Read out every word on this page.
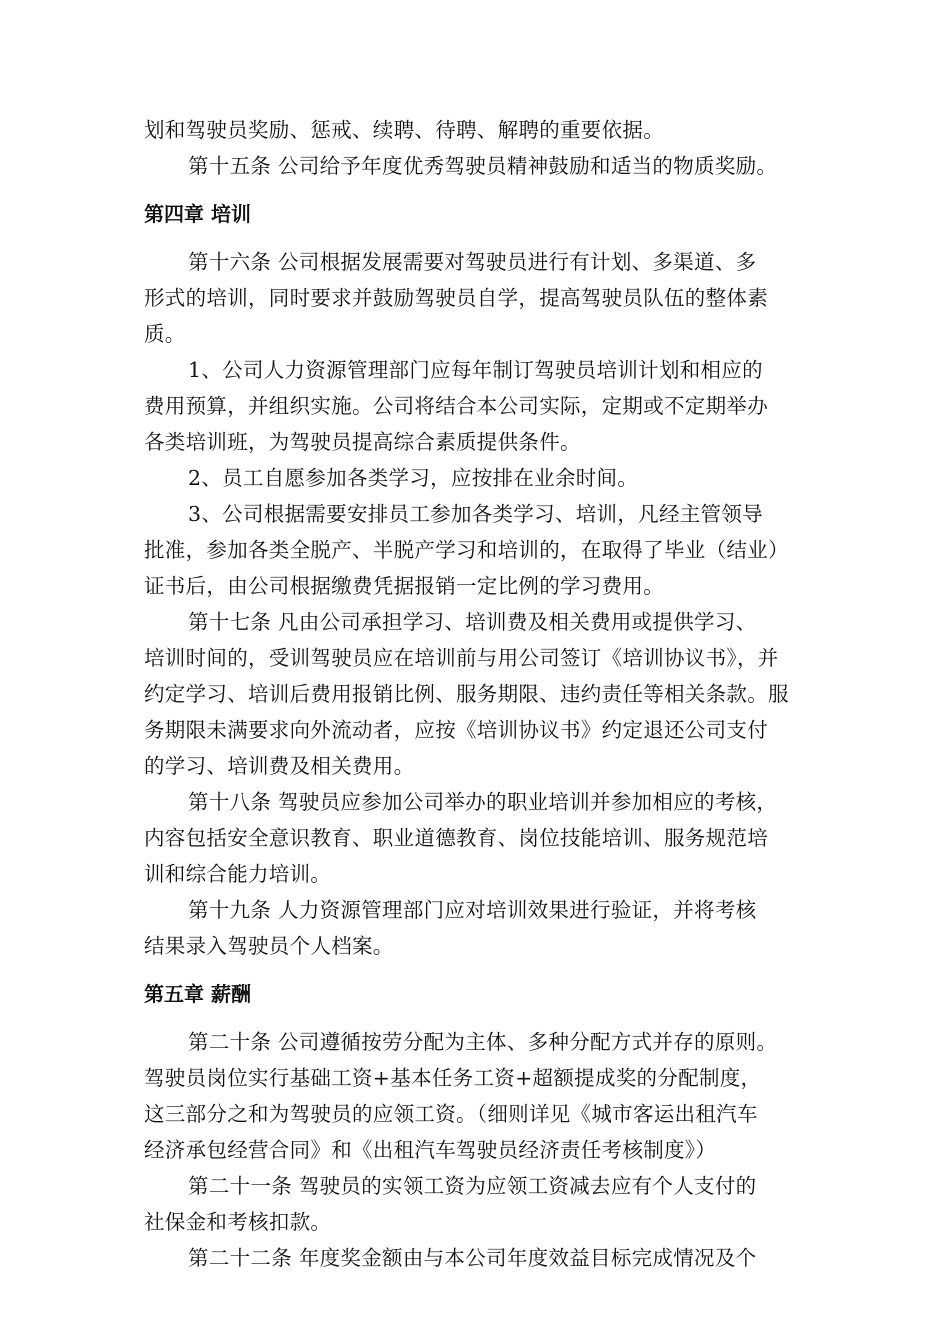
划和驾驶员奖励、惩戒、续聘、待聘、解聘的重要依据。
第十五条 公司给予年度优秀驾驶员精神鼓励和适当的物质奖励。
第四章 培训
第十六条 公司根据发展需要对驾驶员进行有计划、多渠道、多
形式的培训，同时要求并鼓励驾驶员自学，提高驾驶员队伍的整体素
质。
1、公司人力资源管理部门应每年制订驾驶员培训计划和相应的
费用预算，并组织实施。公司将结合本公司实际，定期或不定期举办
各类培训班，为驾驶员提高综合素质提供条件。
2、员工自愿参加各类学习，应按排在业余时间。
3、公司根据需要安排员工参加各类学习、培训，凡经主管领导
批准，参加各类全脱产、半脱产学习和培训的，在取得了毕业（结业）
证书后，由公司根据缴费凭据报销一定比例的学习费用。
第十七条 凡由公司承担学习、培训费及相关费用或提供学习、
培训时间的，受训驾驶员应在培训前与用公司签订《培训协议书》，并
约定学习、培训后费用报销比例、服务期限、违约责任等相关条款。服
务期限未满要求向外流动者，应按《培训协议书》约定退还公司支付
的学习、培训费及相关费用。
第十八条 驾驶员应参加公司举办的职业培训并参加相应的考核，
内容包括安全意识教育、职业道德教育、岗位技能培训、服务规范培
训和综合能力培训。
第十九条 人力资源管理部门应对培训效果进行验证，并将考核
结果录入驾驶员个人档案。
第五章 薪酬
第二十条 公司遵循按劳分配为主体、多种分配方式并存的原则。
驾驶员岗位实行基础工资+基本任务工资+超额提成奖的分配制度，
这三部分之和为驾驶员的应领工资。（细则详见《城市客运出租汽车
经济承包经营合同》和《出租汽车驾驶员经济责任考核制度》）
第二十一条 驾驶员的实领工资为应领工资减去应有个人支付的
社保金和考核扣款。
第二十二条 年度奖金额由与本公司年度效益目标完成情况及个
